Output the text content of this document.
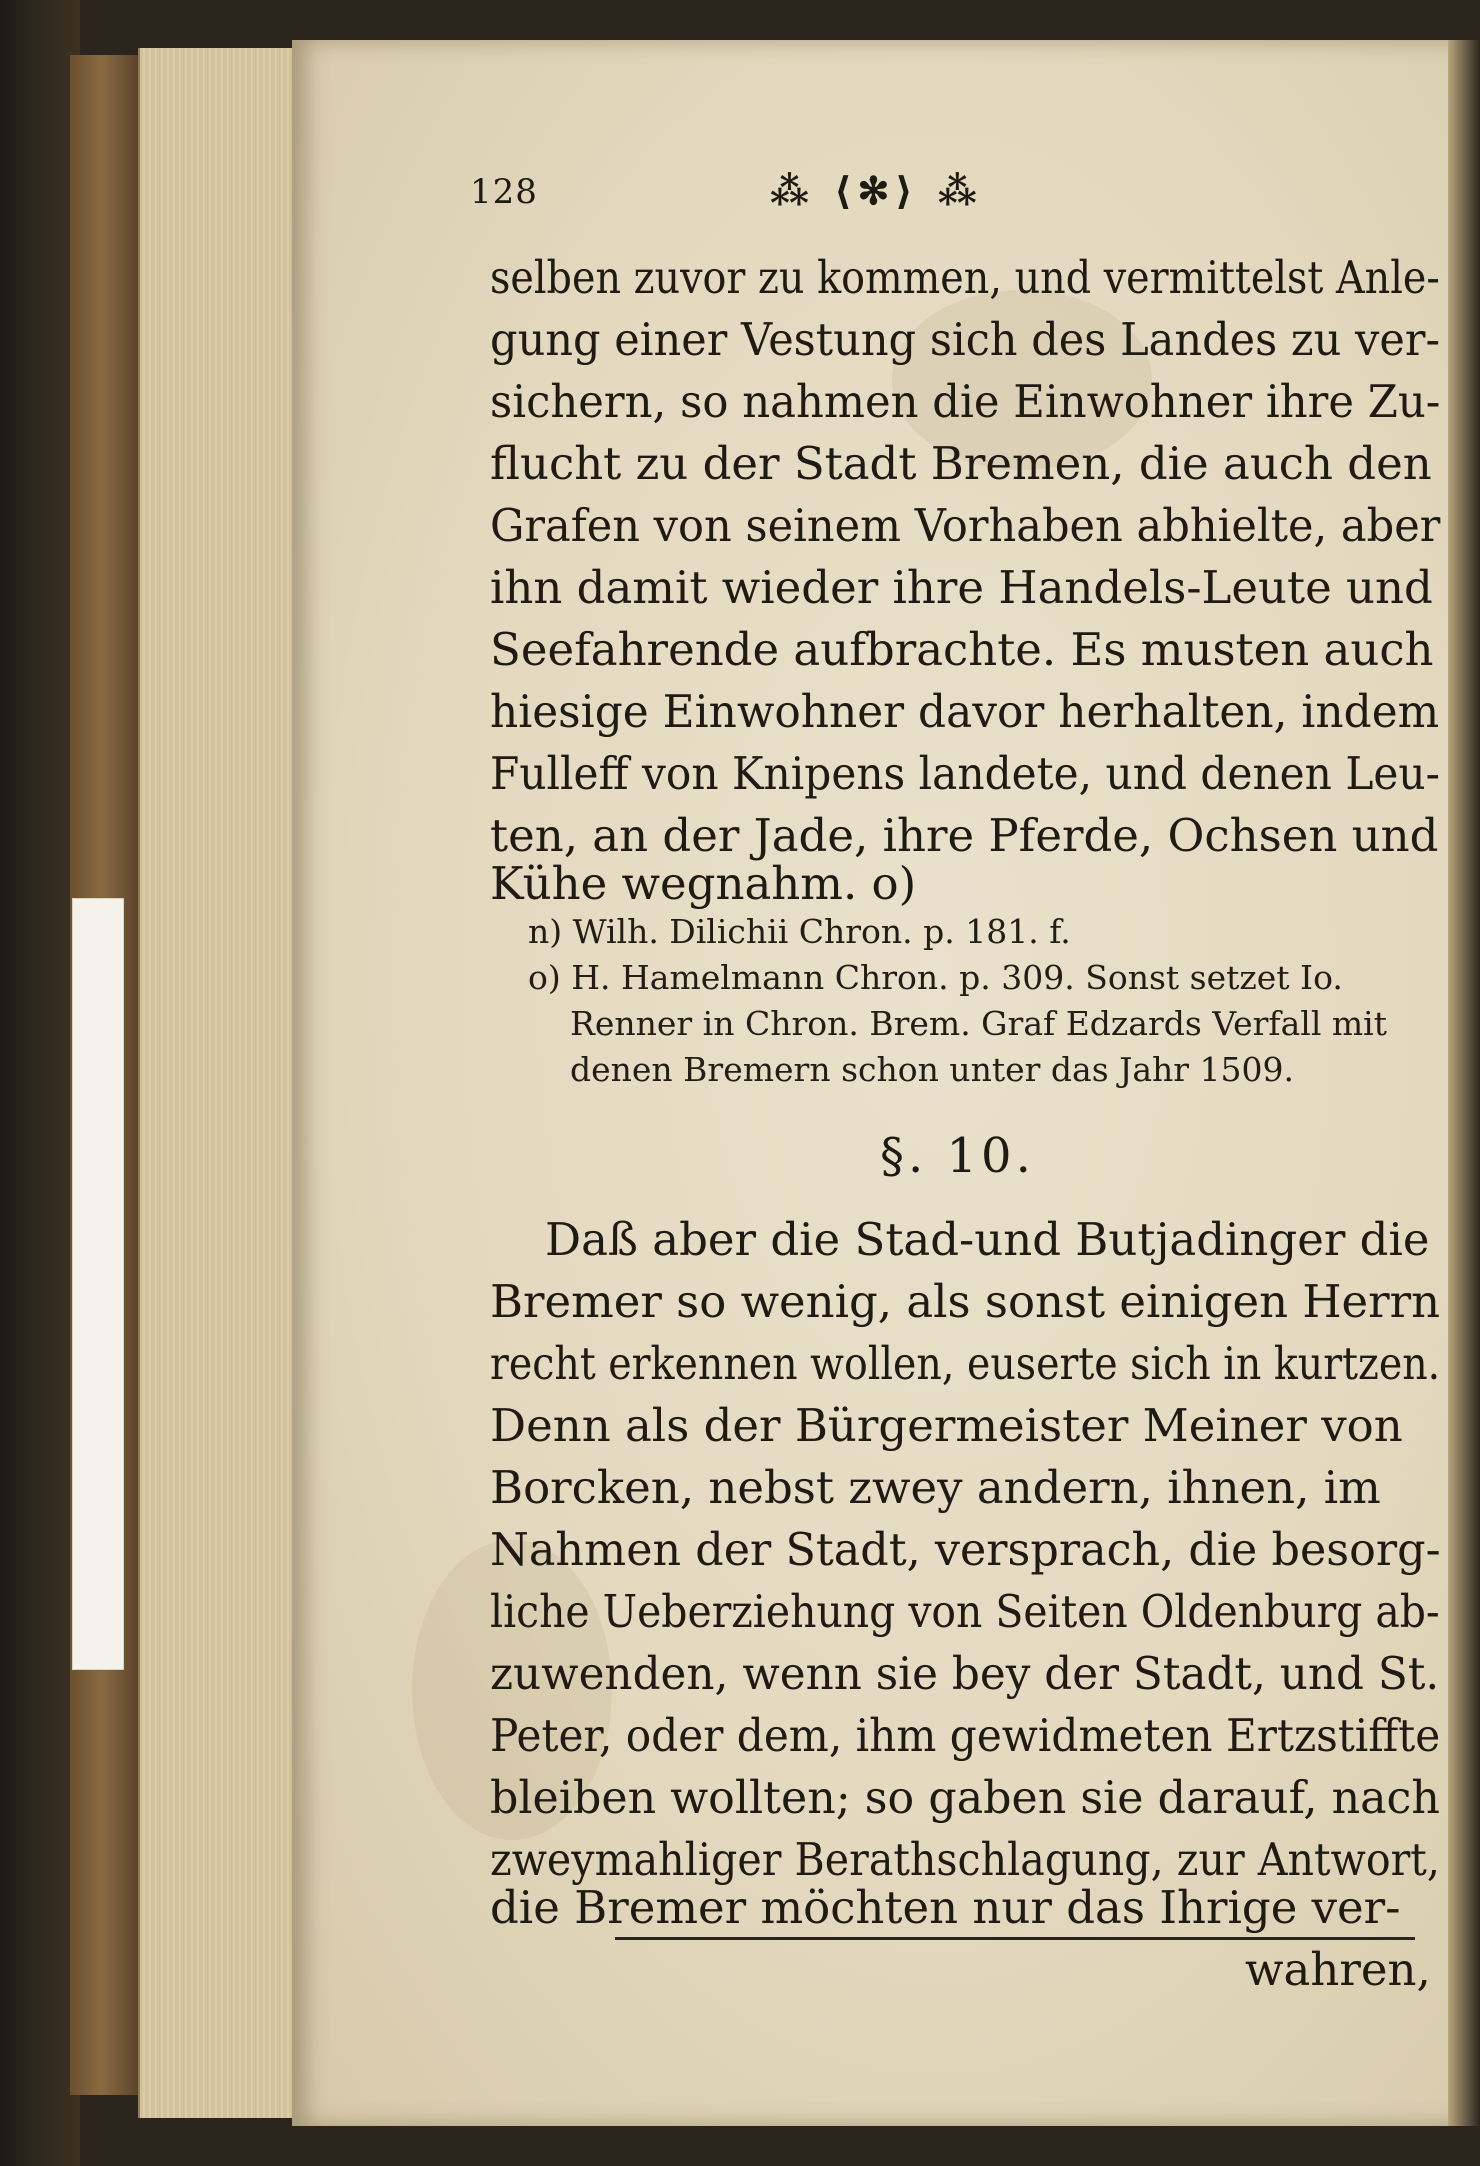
128	⁂ ⟨✻⟩ ⁂
selben zuvor zu kommen, und vermittelst Anle-
gung einer Vestung sich des Landes zu ver-
sichern, so nahmen die Einwohner ihre Zu-
flucht zu der Stadt Bremen, die auch den
Grafen von seinem Vorhaben abhielte, aber
ihn damit wieder ihre Handels-Leute und
Seefahrende aufbrachte. Es musten auch
hiesige Einwohner davor herhalten, indem
Fulleff von Knipens landete, und denen Leu-
ten, an der Jade, ihre Pferde, Ochsen und
Kühe wegnahm. o)
n) Wilh. Dilichii Chron. p. 181. f.
o) H. Hamelmann Chron. p. 309. Sonst setzet Io.
Renner in Chron. Brem. Graf Edzards Verfall mit
denen Bremern schon unter das Jahr 1509.
§. 10.
Daß aber die Stad-und Butjadinger die
Bremer so wenig, als sonst einigen Herrn
recht erkennen wollen, euserte sich in kurtzen.
Denn als der Bürgermeister Meiner von
Borcken, nebst zwey andern, ihnen, im
Nahmen der Stadt, versprach, die besorg-
liche Ueberziehung von Seiten Oldenburg ab-
zuwenden, wenn sie bey der Stadt, und St.
Peter, oder dem, ihm gewidmeten Ertzstiffte
bleiben wollten; so gaben sie darauf, nach
zweymahliger Berathschlagung, zur Antwort,
die Bremer möchten nur das Ihrige ver-
wahren,
